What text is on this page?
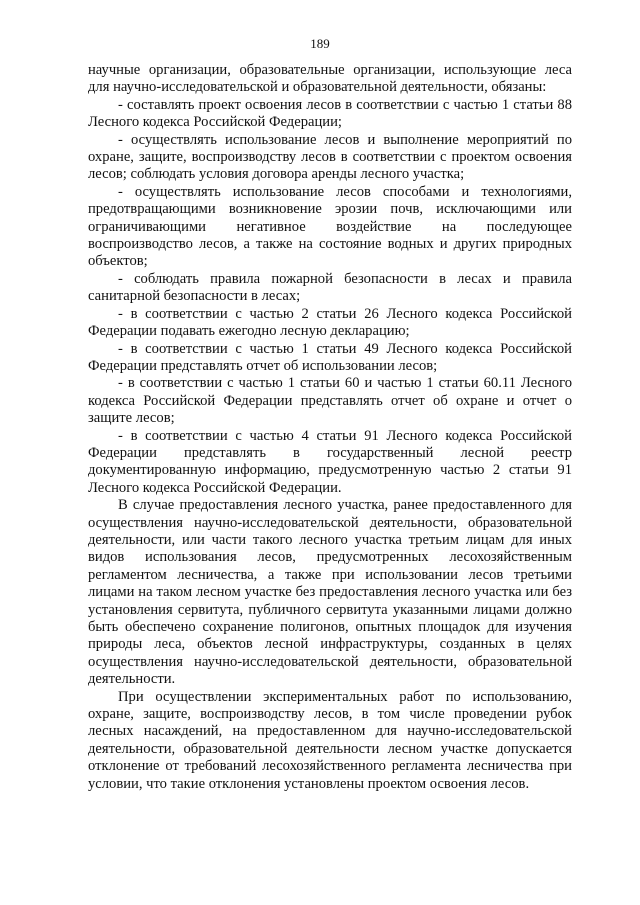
189

научные организации, образовательные организации, использующие леса для научно-исследовательской и образовательной деятельности, обязаны:

- составлять проект освоения лесов в соответствии с частью 1 статьи 88 Лесного кодекса Российской Федерации;

- осуществлять использование лесов и выполнение мероприятий по охране, защите, воспроизводству лесов в соответствии с проектом освоения лесов; соблюдать условия договора аренды лесного участка;

- осуществлять использование лесов способами и технологиями, предотвращающими возникновение эрозии почв, исключающими или ограничивающими негативное воздействие на последующее воспроизводство лесов, а также на состояние водных и других природных объектов;

- соблюдать правила пожарной безопасности в лесах и правила санитарной безопасности в лесах;

- в соответствии с частью 2 статьи 26 Лесного кодекса Российской Федерации подавать ежегодно лесную декларацию;

- в соответствии с частью 1 статьи 49 Лесного кодекса Российской Федерации представлять отчет об использовании лесов;

- в соответствии с частью 1 статьи 60 и частью 1 статьи 60.11 Лесного кодекса Российской Федерации представлять отчет об охране и отчет о защите лесов;

- в соответствии с частью 4 статьи 91 Лесного кодекса Российской Федерации представлять в государственный лесной реестр документированную информацию, предусмотренную частью 2 статьи 91 Лесного кодекса Российской Федерации.

В случае предоставления лесного участка, ранее предоставленного для осуществления научно-исследовательской деятельности, образовательной деятельности, или части такого лесного участка третьим лицам для иных видов использования лесов, предусмотренных лесохозяйственным регламентом лесничества, а также при использовании лесов третьими лицами на таком лесном участке без предоставления лесного участка или без установления сервитута, публичного сервитута указанными лицами должно быть обеспечено сохранение полигонов, опытных площадок для изучения природы леса, объектов лесной инфраструктуры, созданных в целях осуществления научно-исследовательской деятельности, образовательной деятельности.

При осуществлении экспериментальных работ по использованию, охране, защите, воспроизводству лесов, в том числе проведении рубок лесных насаждений, на предоставленном для научно-исследовательской деятельности, образовательной деятельности лесном участке допускается отклонение от требований лесохозяйственного регламента лесничества при условии, что такие отклонения установлены проектом освоения лесов.
